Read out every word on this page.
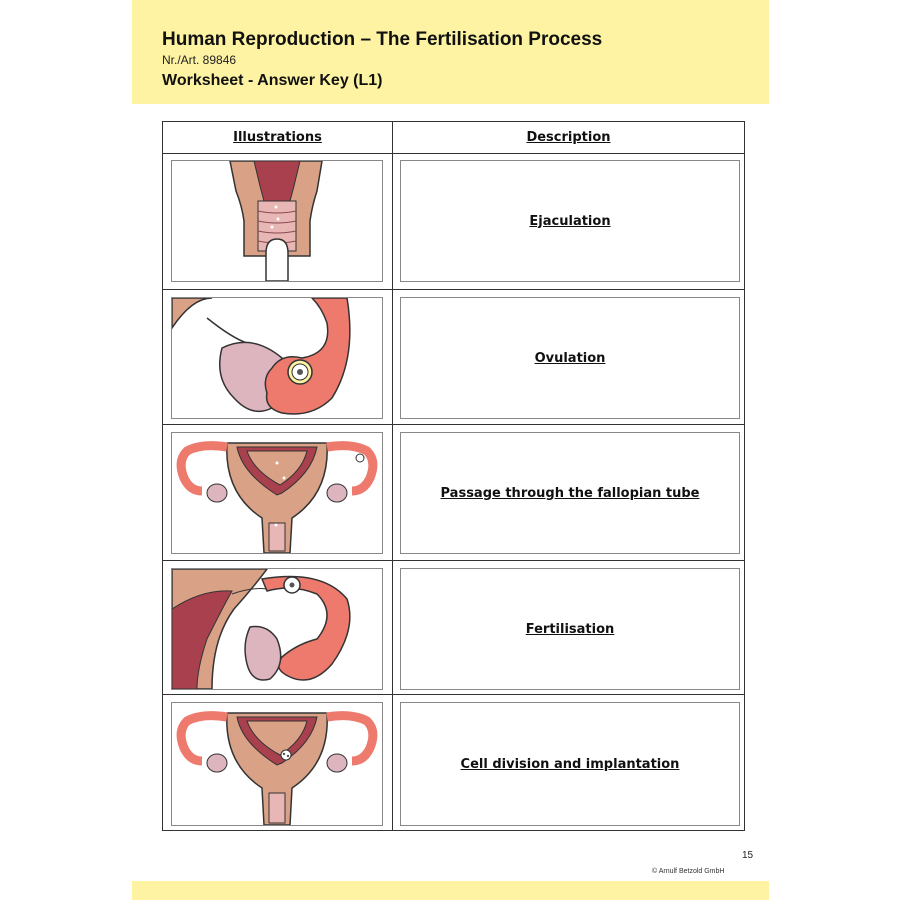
Human Reproduction – The Fertilisation Process
Nr./Art. 89846
Worksheet - Answer Key (L1)
Illustrations	Description
Ejaculation
Ovulation
Passage through the fallopian tube
Fertilisation
Cell division and implantation
15
© Arnulf Betzold GmbH
